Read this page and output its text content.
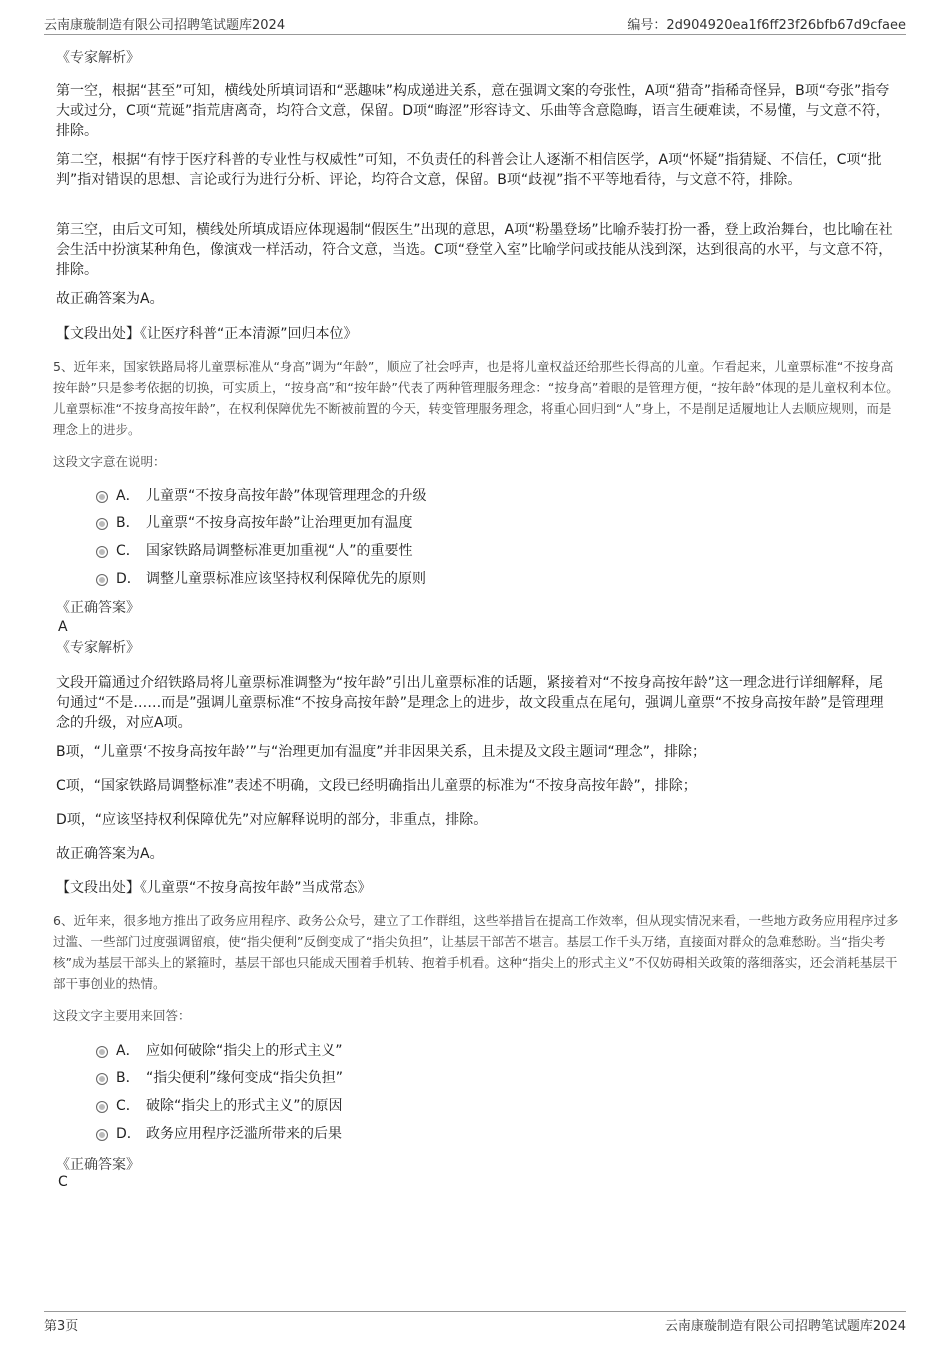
云南康璇制造有限公司招聘笔试题库2024	编号：2d904920ea1f6ff23f26bfb67d9cfaee
《专家解析》

第一空，根据“甚至”可知，横线处所填词语和“恶趣味”构成递进关系，意在强调文案的夸张性，A项“猎奇”指稀奇怪异，B项“夸张”指夸大或过分，C项“荒诞”指荒唐离奇，均符合文意，保留。D项“晦涩”形容诗文、乐曲等含意隐晦，语言生硬难读，不易懂，与文意不符，排除。

第二空，根据“有悖于医疗科普的专业性与权威性”可知，不负责任的科普会让人逐渐不相信医学，A项“怀疑”指猜疑、不信任，C项“批判”指对错误的思想、言论或行为进行分析、评论，均符合文意，保留。B项“歧视”指不平等地看待，与文意不符，排除。

第三空，由后文可知，横线处所填成语应体现遏制“假医生”出现的意思，A项“粉墨登场”比喻乔装打扮一番，登上政治舞台，也比喻在社会生活中扮演某种角色，像演戏一样活动，符合文意，当选。C项“登堂入室”比喻学问或技能从浅到深，达到很高的水平，与文意不符，排除。

故正确答案为A。

【文段出处】《让医疗科普“正本清源”回归本位》

5、近年来，国家铁路局将儿童票标准从“身高”调为“年龄”，顺应了社会呼声，也是将儿童权益还给那些长得高的儿童。乍看起来，儿童票标准“不按身高按年龄”只是参考依据的切换，可实质上，“按身高”和“按年龄”代表了两种管理服务理念：“按身高”着眼的是管理方便，“按年龄”体现的是儿童权利本位。儿童票标准“不按身高按年龄”，在权利保障优先不断被前置的今天，转变管理服务理念，将重心回归到“人”身上，不是削足适履地让人去顺应规则，而是理念上的进步。

这段文字意在说明：
A． 儿童票“不按身高按年龄”体现管理理念的升级
B． 儿童票“不按身高按年龄”让治理更加有温度
C． 国家铁路局调整标准更加重视“人”的重要性
D． 调整儿童票标准应该坚持权利保障优先的原则
《正确答案》
A
《专家解析》

文段开篇通过介绍铁路局将儿童票标准调整为“按年龄”引出儿童票标准的话题，紧接着对“不按身高按年龄”这一理念进行详细解释，尾句通过“不是……而是”强调儿童票标准“不按身高按年龄”是理念上的进步，故文段重点在尾句，强调儿童票“不按身高按年龄”是管理理念的升级，对应A项。

B项，“儿童票‘不按身高按年龄’”与“治理更加有温度”并非因果关系，且未提及文段主题词“理念”，排除；

C项，“国家铁路局调整标准”表述不明确，文段已经明确指出儿童票的标准为“不按身高按年龄”，排除；

D项，“应该坚持权利保障优先”对应解释说明的部分，非重点，排除。

故正确答案为A。

【文段出处】《儿童票“不按身高按年龄”当成常态》

6、近年来，很多地方推出了政务应用程序、政务公众号，建立了工作群组，这些举措旨在提高工作效率，但从现实情况来看，一些地方政务应用程序过多过滥、一些部门过度强调留痕，使“指尖便利”反倒变成了“指尖负担”，让基层干部苦不堪言。基层工作千头万绪，直接面对群众的急难愁盼。当“指尖考核”成为基层干部头上的紧箍时，基层干部也只能成天围着手机转、抱着手机看。这种“指尖上的形式主义”不仅妨碍相关政策的落细落实，还会消耗基层干部干事创业的热情。

这段文字主要用来回答：
A． 应如何破除“指尖上的形式主义”
B． “指尖便利”缘何变成“指尖负担”
C． 破除“指尖上的形式主义”的原因
D． 政务应用程序泛滥所带来的后果
《正确答案》
C
第3页	云南康璇制造有限公司招聘笔试题库2024
